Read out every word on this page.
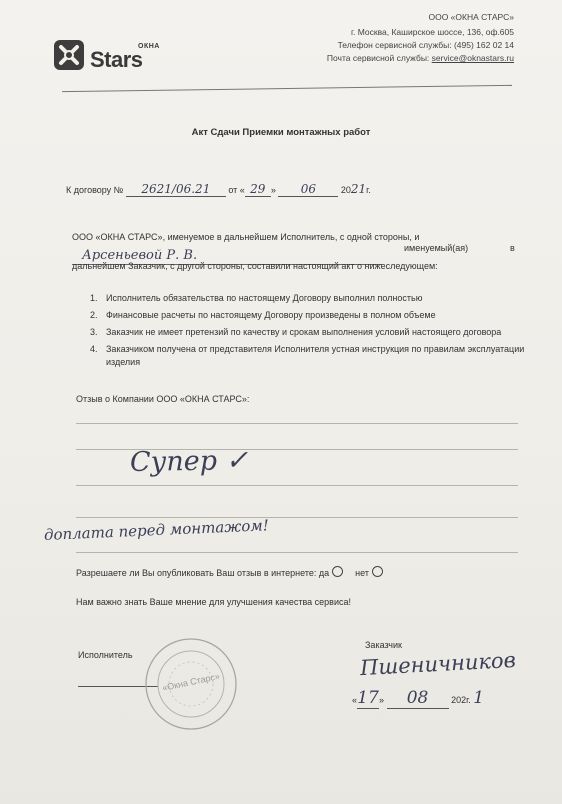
ОКНА
Stars
ООО «ОКНА СТАРС»
г. Москва, Каширское шоссе, 136, оф.605
Телефон сервисной службы: (495) 162 02 14
Почта сервисной службы: service@oknastars.ru
Акт Сдачи Приемки монтажных работ
К договору № 2621/06.21 от « 29 » 06	2021г.
ООО «ОКНА СТАРС», именуемое в дальнейшем Исполнитель, с одной стороны, и
Арсеньевой Р. В.	именуемый(ая)	в
дальнейшем Заказчик, с другой стороны, составили настоящий акт о нижеследующем:
1. Исполнитель обязательства по настоящему Договору выполнил полностью
2. Финансовые расчеты по настоящему Договору произведены в полном объеме
3. Заказчик не имеет претензий по качеству и срокам выполнения условий настоящего договора
4. Заказчиком получена от представителя Исполнителя устная инструкция по правилам эксплуатации изделия
Отзыв о Компании ООО «ОКНА СТАРС»:
Супер ✓
доплата перед монтажом!
Разрешаете ли Вы опубликовать Ваш отзыв в интернете: да	нет
Нам важно знать Ваше мнение для улучшения качества сервиса!
Исполнитель
«Окна Старс»
Заказчик
Пшеничников
«17» 08	202г. 1
